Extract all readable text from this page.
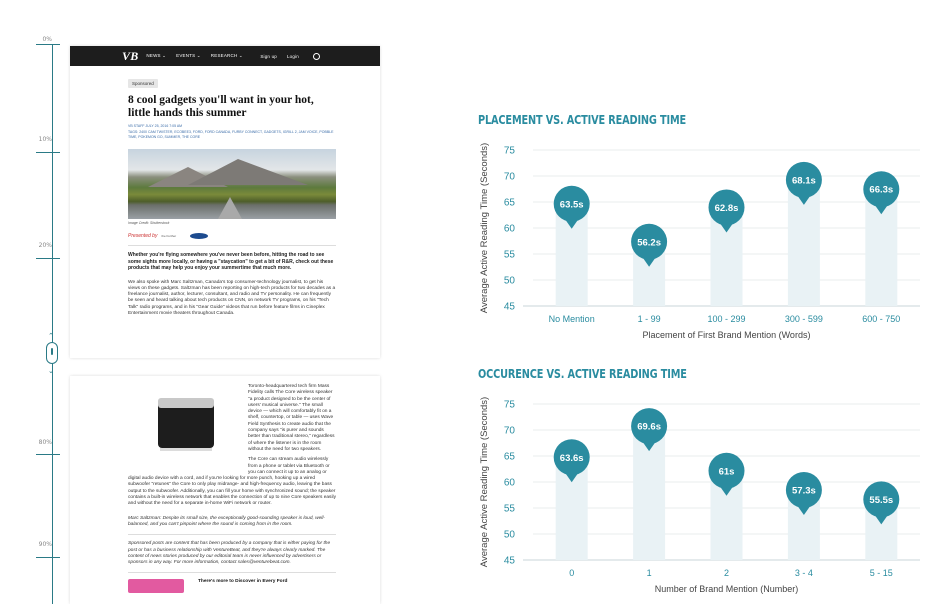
0%
10%
20%
⌃
⌄
80%
90%
VB NEWS ⌄ EVENTS ⌄ RESEARCH ⌄	Sign up Login
Sponsored
8 cool gadgets you'll want in your hot, little hands this summer
VB STAFF JULY 25, 2016 7:05 AM
TAGS: 2400 CAM TWISTER, ECOBEE3, FORD, FORD CANADA, FURBY CONNECT, GADGETS, IGRILL 2, JAM VOICE, POBBLE TIME, POKEMON GO, SUMMER, THE CORE
Image Credit: Shutterstock
Presented by the Further
Whether you're flying somewhere you've never been before, hitting the road to see some sights more locally, or having a "staycation" to get a bit of R&R, check out these products that may help you enjoy your summertime that much more.
We also spoke with Marc Saltzman, Canada's top consumer-technology journalist, to get his views on these gadgets. Saltzman has been reporting on high-tech products for two decades as a freelance journalist, author, lecturer, consultant, and radio and TV personality. He can frequently be seen and heard talking about tech products on CNN, on network TV programs, on his "Tech Talk" radio programs, and in his "Gear Guide" videos that run before feature films in Cineplex Entertainment movie theaters throughout Canada.
Toronto-headquartered tech firm Mass Fidelity calls The Core wireless speaker "a product designed to be the center of users' musical universe." The small device — which will comfortably fit on a shelf, countertop, or table — uses Wave Field Synthesis to create audio that the company says "is purer and sounds better than traditional stereo," regardless of where the listener is in the room without the need for two speakers.
The Core can stream audio wirelessly from a phone or tablet via Bluetooth or you can connect it up to an analog or digital audio device with a cord, and if you're looking for more punch, hooking up a wired subwoofer "retunes" the Core to only play midrange- and high-frequency audio, leaving the bass output to the subwoofer. Additionally, you can fill your home with synchronized sound; the speaker contains a built-in wireless network that enables the connection of up to nine Core speakers easily and without the need for a separate in-home WiFi network or router.
Marc Saltzman: Despite its small size, the exceptionally good-sounding speaker is loud, well-balanced, and you can't pinpoint where the sound is coming from in the room.
Sponsored posts are content that has been produced by a company that is either paying for the post or has a business relationship with VentureBeat, and they're always clearly marked. The content of news stories produced by our editorial team is never influenced by advertisers or sponsors in any way. For more information, contact sales@venturebeat.com.
There's more to Discover in Every Ford
PLACEMENT VS. ACTIVE READING TIME
Average Active Reading Time (Seconds) 45
50
55
60
65
70
75
63.5s
No Mention
56.2s
1 - 99
62.8s
100 - 299
68.1s
300 - 599
66.3s
600 - 750
Placement of First Brand Mention (Words)
OCCURENCE VS. ACTIVE READING TIME
Average Active Reading Time (Seconds) 45
50
55
60
65
70
75
63.6s
0
69.6s
1
61s
2
57.3s
3 - 4
55.5s
5 - 15
Number of Brand Mention (Number)
